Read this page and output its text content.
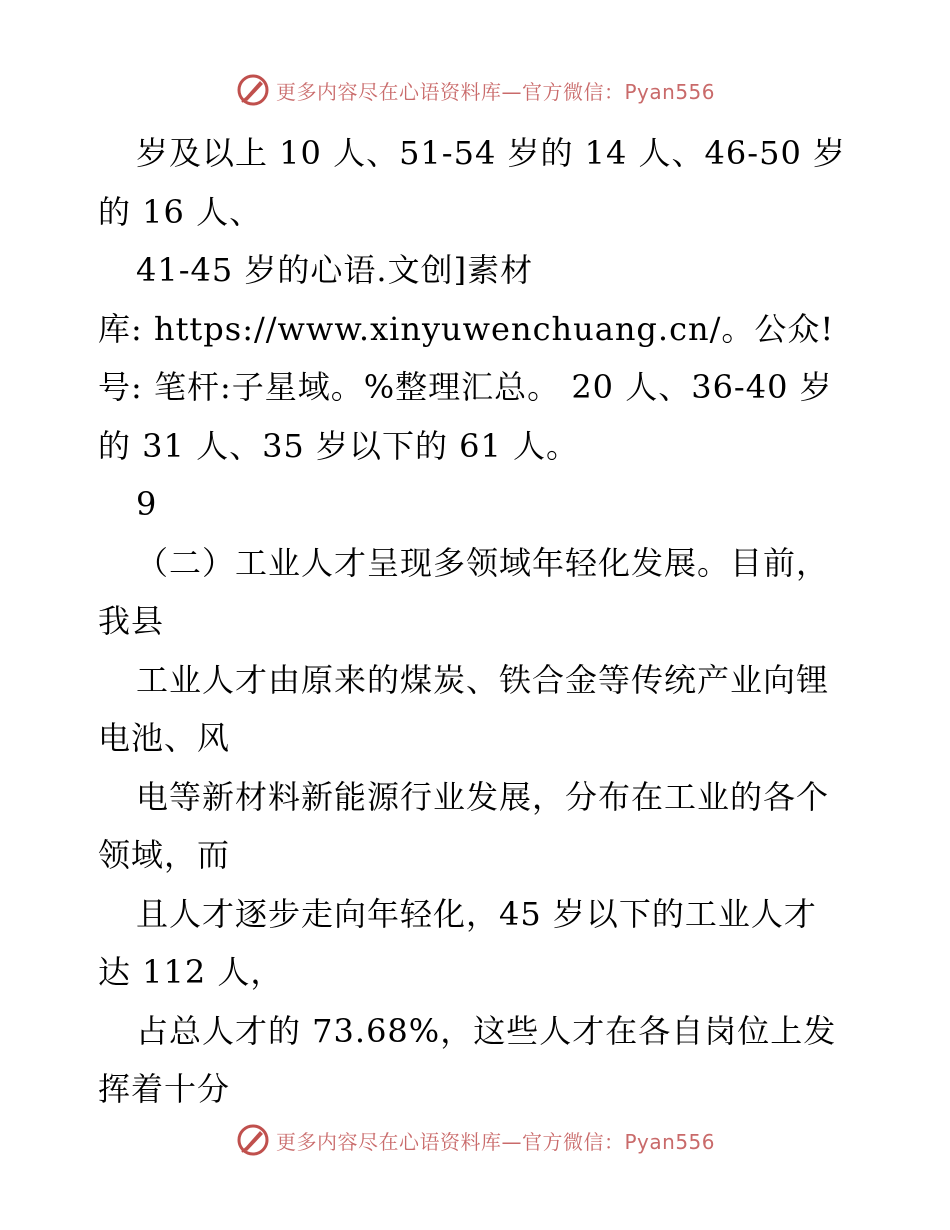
更多内容尽在心语资料库—官方微信：Pyan556
岁及以上 10 人、51-54 岁的 14 人、46-50 岁
的 16 人、
41-45 岁的心语.文创]素材
库: https://www.xinyuwenchuang.cn/。公众!
号: 笔杆:子星域。%整理汇总。 20 人、36-40 岁
的 31 人、35 岁以下的 61 人。
9
（二）工业人才呈现多领域年轻化发展。目前，
我县
工业人才由原来的煤炭、铁合金等传统产业向锂
电池、风
电等新材料新能源行业发展，分布在工业的各个
领域，而
且人才逐步走向年轻化，45 岁以下的工业人才
达 112 人，
占总人才的 73.68%，这些人才在各自岗位上发
挥着十分
更多内容尽在心语资料库—官方微信：Pyan556
